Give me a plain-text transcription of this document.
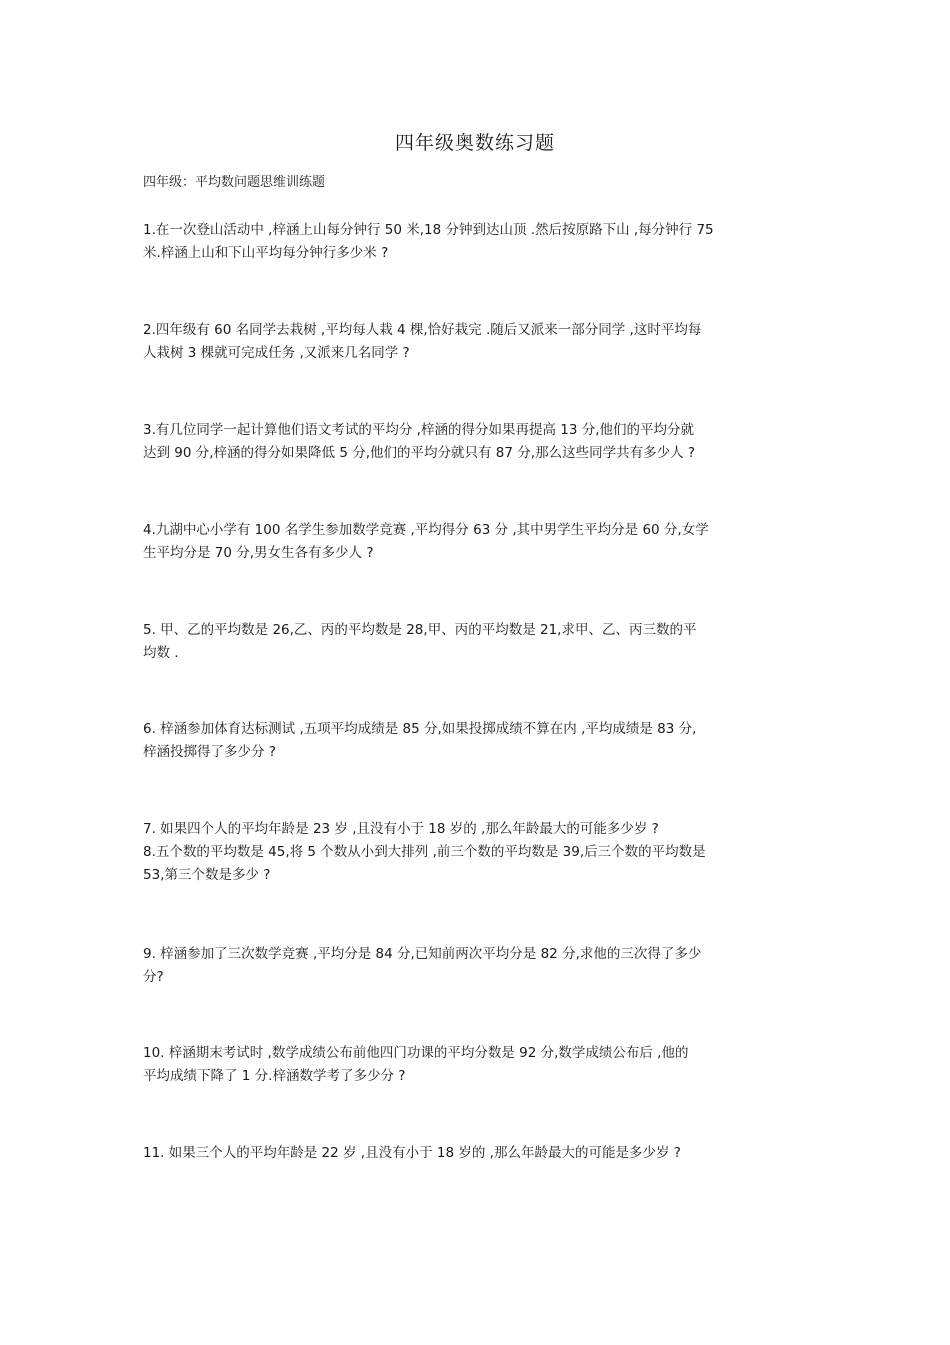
四年级奥数练习题
四年级：平均数问题思维训练题
1.在一次登山活动中 ,梓涵上山每分钟行 50 米,18 分钟到达山顶 .然后按原路下山 ,每分钟行 75
米.梓涵上山和下山平均每分钟行多少米 ?
2.四年级有 60 名同学去栽树 ,平均每人栽 4 棵,恰好栽完 .随后又派来一部分同学 ,这时平均每
人栽树 3 棵就可完成任务 ,又派来几名同学 ?
3.有几位同学一起计算他们语文考试的平均分 ,梓涵的得分如果再提高 13 分,他们的平均分就
达到 90 分,梓涵的得分如果降低 5 分,他们的平均分就只有 87 分,那么这些同学共有多少人 ?
4.九湖中心小学有 100 名学生参加数学竞赛 ,平均得分 63 分 ,其中男学生平均分是 60 分,女学
生平均分是 70 分,男女生各有多少人 ?
5. 甲、乙的平均数是 26,乙、丙的平均数是 28,甲、丙的平均数是 21,求甲、乙、丙三数的平
均数 .
6. 梓涵参加体育达标测试 ,五项平均成绩是 85 分,如果投掷成绩不算在内 ,平均成绩是 83 分,
梓涵投掷得了多少分 ?
7. 如果四个人的平均年龄是 23 岁 ,且没有小于 18 岁的 ,那么年龄最大的可能多少岁 ?
8.五个数的平均数是 45,将 5 个数从小到大排列 ,前三个数的平均数是 39,后三个数的平均数是
53,第三个数是多少 ?
9. 梓涵参加了三次数学竞赛 ,平均分是 84 分,已知前两次平均分是 82 分,求他的三次得了多少
分?
10. 梓涵期末考试时 ,数学成绩公布前他四门功课的平均分数是 92 分,数学成绩公布后 ,他的
平均成绩下降了 1 分.梓涵数学考了多少分 ?
11. 如果三个人的平均年龄是 22 岁 ,且没有小于 18 岁的 ,那么年龄最大的可能是多少岁 ?
